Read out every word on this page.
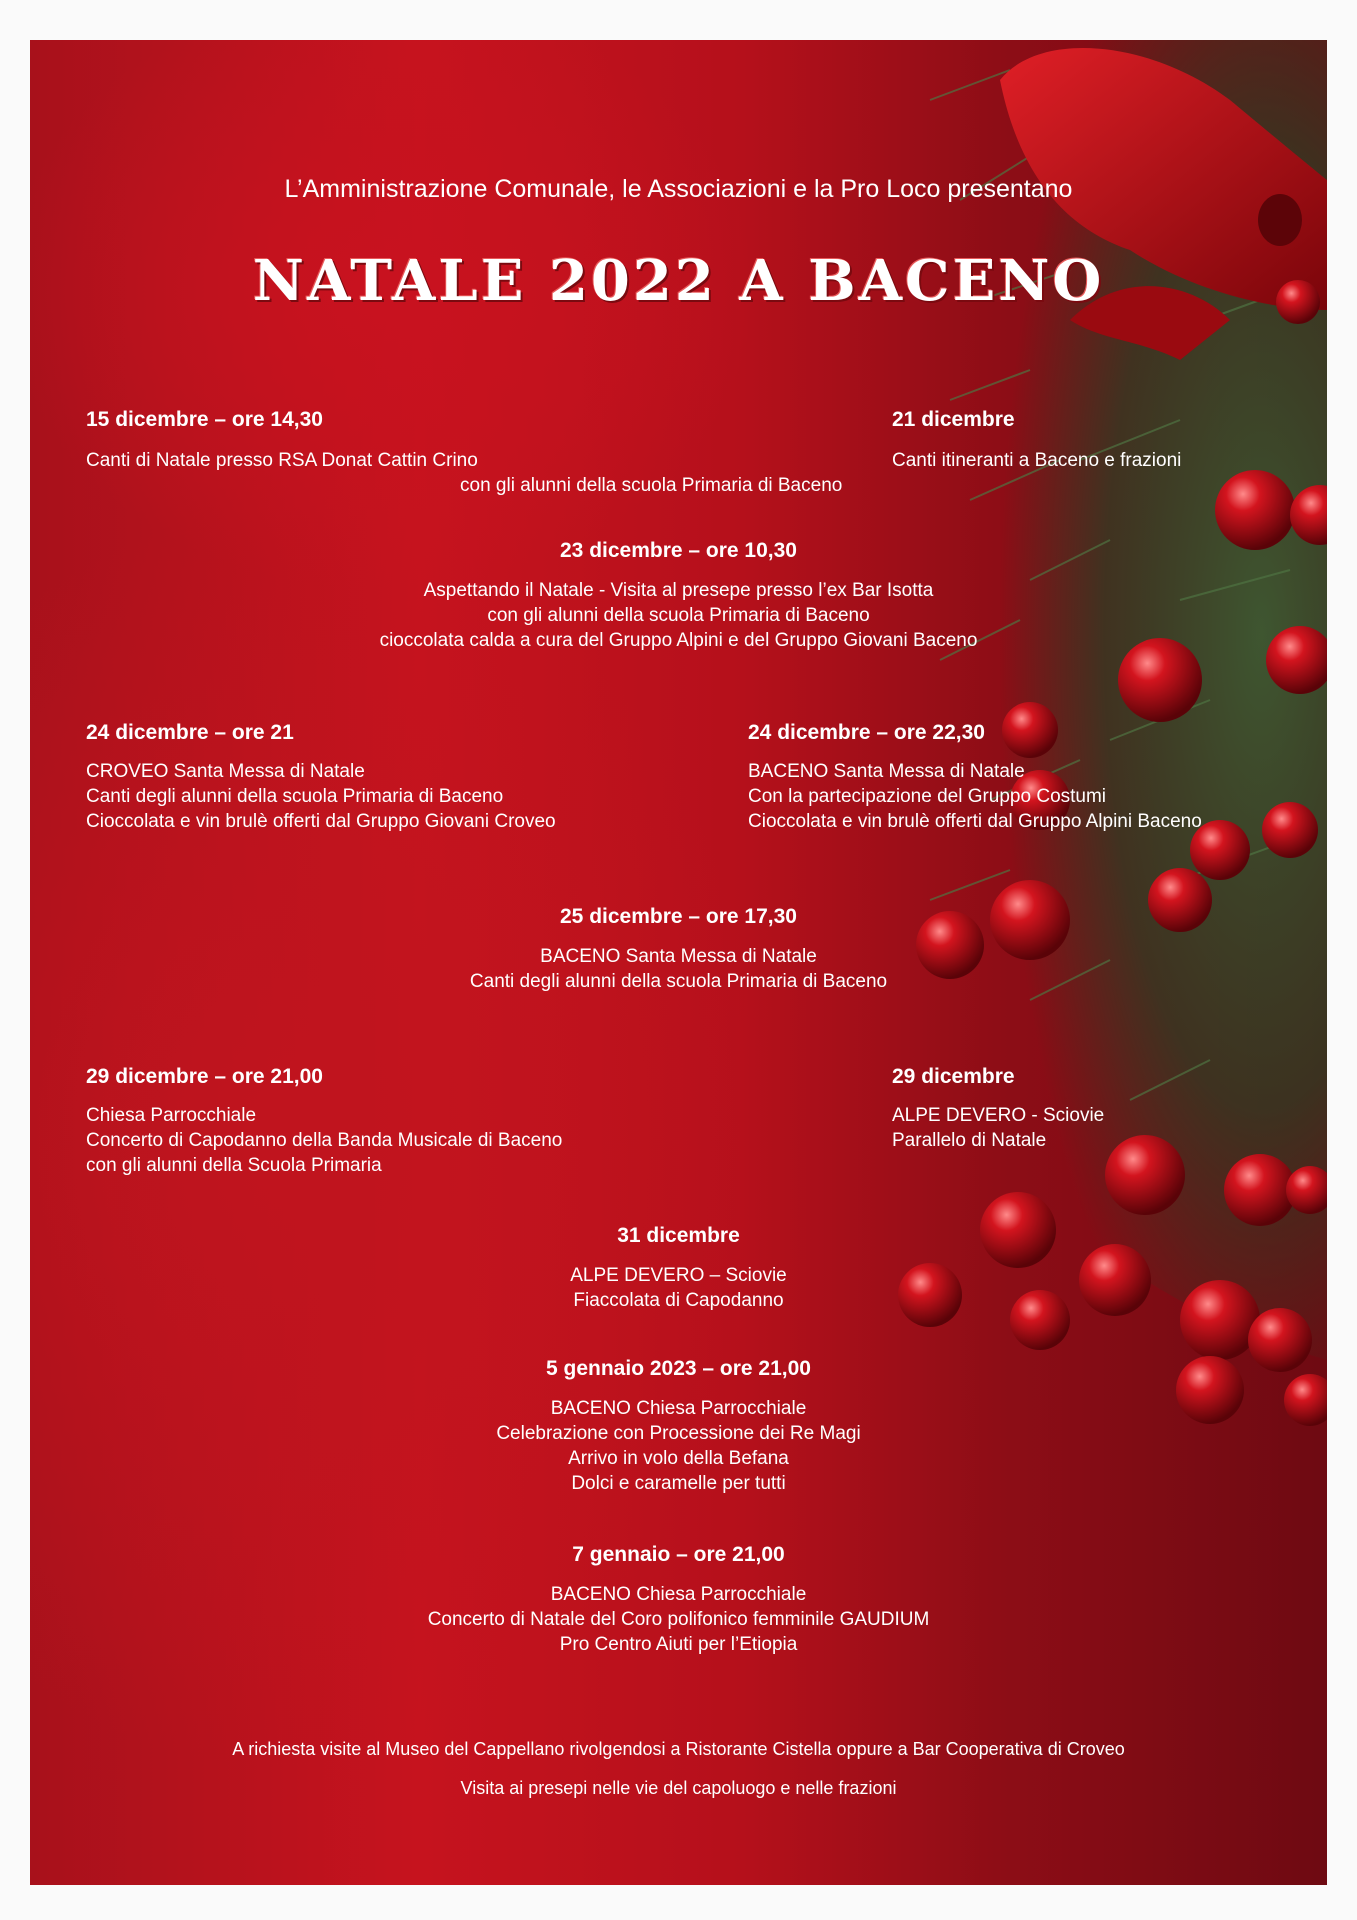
L’Amministrazione Comunale, le Associazioni e la Pro Loco presentano

NATALE 2022 A BACENO

15 dicembre – ore 14,30

Canti di Natale presso RSA Donat Cattin Crino
con gli alunni della scuola Primaria di Baceno

21 dicembre

Canti itineranti a Baceno e frazioni

23 dicembre – ore 10,30

Aspettando il Natale - Visita al presepe presso l’ex Bar Isotta
con gli alunni della scuola Primaria di Baceno
cioccolata calda a cura del Gruppo Alpini e del Gruppo Giovani Baceno

24 dicembre – ore 21

CROVEO Santa Messa di Natale
Canti degli alunni della scuola Primaria di Baceno
Cioccolata e vin brulè offerti dal Gruppo Giovani Croveo

24 dicembre – ore 22,30

BACENO Santa Messa di Natale
Con la partecipazione del Gruppo Costumi
Cioccolata e vin brulè offerti dal Gruppo Alpini Baceno

25 dicembre – ore 17,30

BACENO Santa Messa di Natale
Canti degli alunni della scuola Primaria di Baceno

29 dicembre – ore 21,00

Chiesa Parrocchiale
Concerto di Capodanno della Banda Musicale di Baceno
con gli alunni della Scuola Primaria

29 dicembre

ALPE DEVERO - Sciovie
Parallelo di Natale

31 dicembre

ALPE DEVERO – Sciovie
Fiaccolata di Capodanno

5 gennaio 2023 – ore 21,00

BACENO Chiesa Parrocchiale
Celebrazione con Processione dei Re Magi
Arrivo in volo della Befana
Dolci e caramelle per tutti

7 gennaio – ore 21,00

BACENO Chiesa Parrocchiale
Concerto di Natale del Coro polifonico femminile GAUDIUM
Pro Centro Aiuti per l’Etiopia
A richiesta visite al Museo del Cappellano rivolgendosi a Ristorante Cistella oppure a Bar Cooperativa di Croveo
Visita ai presepi nelle vie del capoluogo e nelle frazioni
